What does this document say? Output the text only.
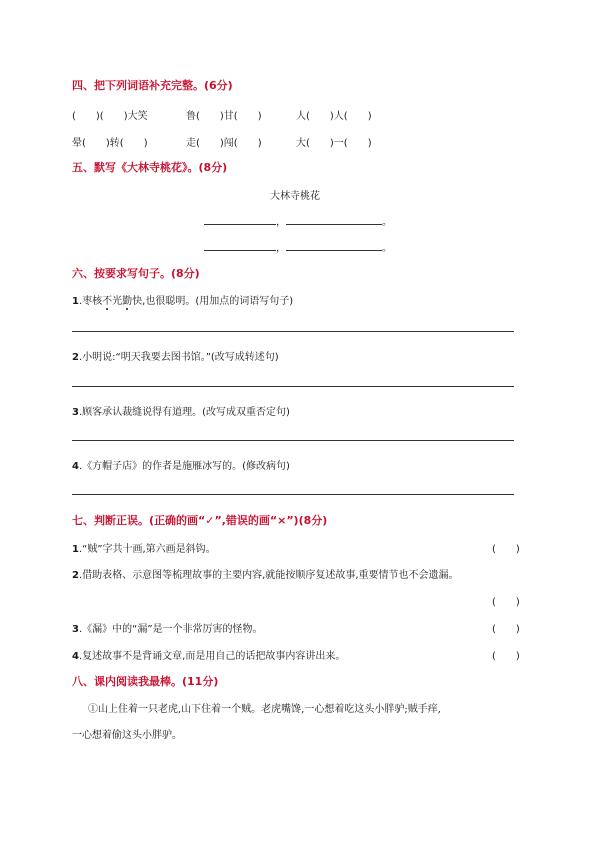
四、把下列词语补充完整。(6分)
(　　)(　　)大笑	鲁(　　)甘(　　)	人(　　)人(　　)
晕(　　)转(　　)	走(　　)闯(　　)	大(　　)一(　　)
五、默写《大林寺桃花》。(8分)
大林寺桃花
，	。
，	。
六、按要求写句子。(8分)
1.枣核不光勤快,也很聪明。(用加点的词语写句子)
2.小明说:“明天我要去图书馆。”(改写成转述句)
3.顾客承认裁缝说得有道理。(改写成双重否定句)
4.《方帽子店》的作者是施雁冰写的。(修改病句)
七、判断正误。(正确的画“✓”,错误的画“×”)(8分)
1.“贼”字共十画,第六画是斜钩。	(　　)
2.借助表格、示意图等梳理故事的主要内容,就能按顺序复述故事,重要情节也不会遗漏。
(　　)
3.《漏》中的“漏”是一个非常厉害的怪物。	(　　)
4.复述故事不是背诵文章,而是用自己的话把故事内容讲出来。	(　　)
八、课内阅读我最棒。(11分)
①山上住着一只老虎,山下住着一个贼。老虎嘴馋,一心想着吃这头小胖驴;贼手痒,
一心想着偷这头小胖驴。
